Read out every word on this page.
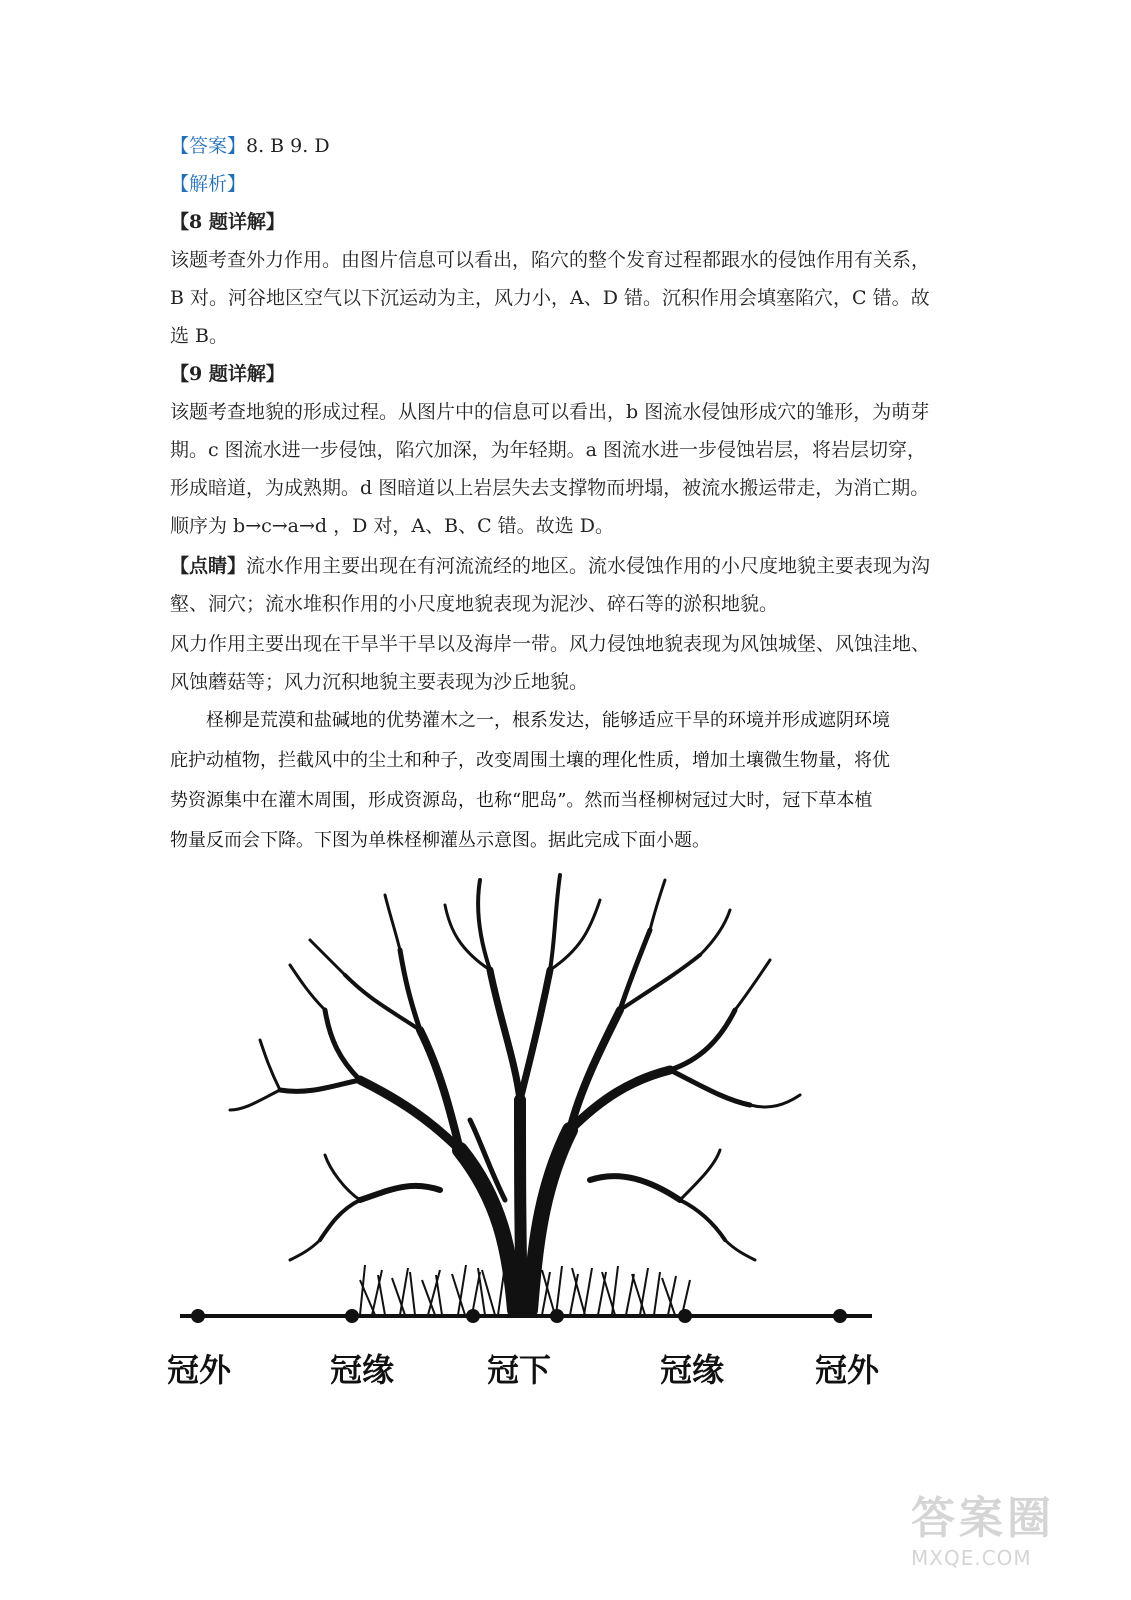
【答案】8. B 9. D
【解析】
【8 题详解】
该题考查外力作用。由图片信息可以看出，陷穴的整个发育过程都跟水的侵蚀作用有关系，
B 对。河谷地区空气以下沉运动为主，风力小，A、D 错。沉积作用会填塞陷穴，C 错。故
选 B。
【9 题详解】
该题考查地貌的形成过程。从图片中的信息可以看出，b 图流水侵蚀形成穴的雏形，为萌芽
期。c 图流水进一步侵蚀，陷穴加深，为年轻期。a 图流水进一步侵蚀岩层，将岩层切穿，
形成暗道，为成熟期。d 图暗道以上岩层失去支撑物而坍塌，被流水搬运带走，为消亡期。
顺序为 b→c→a→d ，D 对，A、B、C 错。故选 D。
【点睛】流水作用主要出现在有河流流经的地区。流水侵蚀作用的小尺度地貌主要表现为沟
壑、洞穴；流水堆积作用的小尺度地貌表现为泥沙、碎石等的淤积地貌。
风力作用主要出现在干旱半干旱以及海岸一带。风力侵蚀地貌表现为风蚀城堡、风蚀洼地、
风蚀蘑菇等；风力沉积地貌主要表现为沙丘地貌。
柽柳是荒漠和盐碱地的优势灌木之一，根系发达，能够适应干旱的环境并形成遮阴环境
庇护动植物，拦截风中的尘土和种子，改变周围土壤的理化性质，增加土壤微生物量，将优
势资源集中在灌木周围，形成资源岛，也称“肥岛”。然而当柽柳树冠过大时，冠下草本植
物量反而会下降。下图为单株柽柳灌丛示意图。据此完成下面小题。
冠外	冠缘	冠下	冠缘	冠外
答案圈
MXQE.COM
